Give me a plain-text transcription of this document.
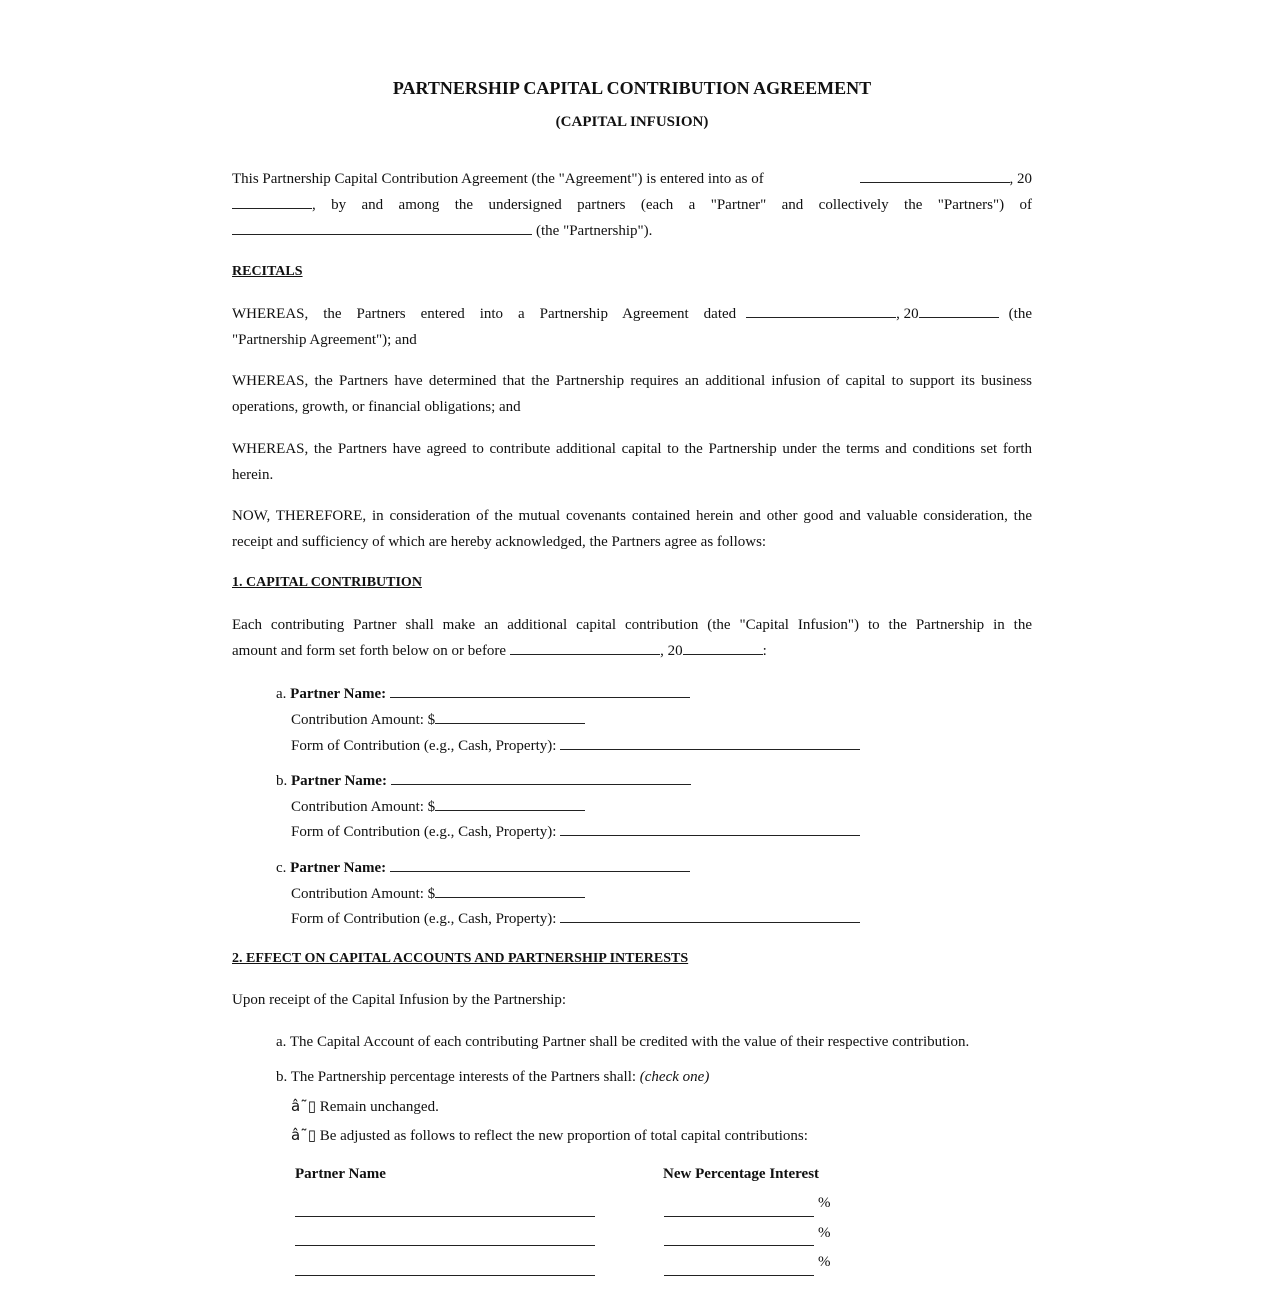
PARTNERSHIP CAPITAL CONTRIBUTION AGREEMENT
(CAPITAL INFUSION)
This Partnership Capital Contribution Agreement (the "Agreement") is entered into as of	, 20
, by and among the undersigned partners (each a "Partner" and collectively the "Partners") of
(the "Partnership").
RECITALS
WHEREAS, the Partners entered into a Partnership Agreement dated	, 20	(the
"Partnership Agreement"); and
WHEREAS, the Partners have determined that the Partnership requires an additional infusion of capital to support its business operations, growth, or financial obligations; and
WHEREAS, the Partners have agreed to contribute additional capital to the Partnership under the terms and conditions set forth herein.
NOW, THEREFORE, in consideration of the mutual covenants contained herein and other good and valuable consideration, the receipt and sufficiency of which are hereby acknowledged, the Partners agree as follows:
1. CAPITAL CONTRIBUTION
Each contributing Partner shall make an additional capital contribution (the "Capital Infusion") to the Partnership in the
amount and form set forth below on or before	, 20	:
a. Partner Name:
Contribution Amount: $
Form of Contribution (e.g., Cash, Property):
b. Partner Name:
Contribution Amount: $
Form of Contribution (e.g., Cash, Property):
c. Partner Name:
Contribution Amount: $
Form of Contribution (e.g., Cash, Property):
2. EFFECT ON CAPITAL ACCOUNTS AND PARTNERSHIP INTERESTS
Upon receipt of the Capital Infusion by the Partnership:
a. The Capital Account of each contributing Partner shall be credited with the value of their respective contribution.
b. The Partnership percentage interests of the Partners shall: (check one)
â˜▯ Remain unchanged.
â˜▯ Be adjusted as follows to reflect the new proportion of total capital contributions:
Partner Name	New Percentage Interest
%
%
%
